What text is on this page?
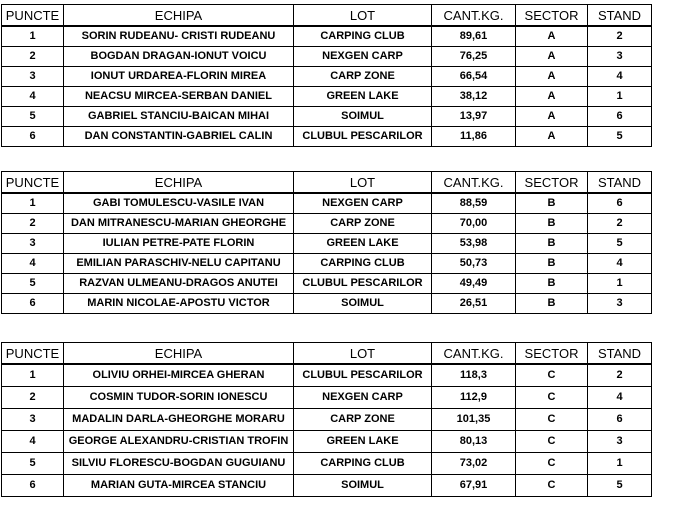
PUNCTE	ECHIPA	LOT	CANT.KG.	SECTOR	STAND
1	SORIN RUDEANU- CRISTI RUDEANU	CARPING CLUB	89,61	A	2
2	BOGDAN DRAGAN-IONUT VOICU	NEXGEN CARP	76,25	A	3
3	IONUT URDAREA-FLORIN MIREA	CARP ZONE	66,54	A	4
4	NEACSU MIRCEA-SERBAN DANIEL	GREEN LAKE	38,12	A	1
5	GABRIEL STANCIU-BAICAN MIHAI	SOIMUL	13,97	A	6
6	DAN CONSTANTIN-GABRIEL CALIN	CLUBUL PESCARILOR	11,86	A	5
PUNCTE	ECHIPA	LOT	CANT.KG.	SECTOR	STAND
1	GABI TOMULESCU-VASILE IVAN	NEXGEN CARP	88,59	B	6
2	DAN MITRANESCU-MARIAN GHEORGHE	CARP ZONE	70,00	B	2
3	IULIAN PETRE-PATE FLORIN	GREEN LAKE	53,98	B	5
4	EMILIAN PARASCHIV-NELU CAPITANU	CARPING CLUB	50,73	B	4
5	RAZVAN ULMEANU-DRAGOS ANUTEI	CLUBUL PESCARILOR	49,49	B	1
6	MARIN NICOLAE-APOSTU VICTOR	SOIMUL	26,51	B	3
PUNCTE	ECHIPA	LOT	CANT.KG.	SECTOR	STAND
1	OLIVIU ORHEI-MIRCEA GHERAN	CLUBUL PESCARILOR	118,3	C	2
2	COSMIN TUDOR-SORIN IONESCU	NEXGEN CARP	112,9	C	4
3	MADALIN DARLA-GHEORGHE MORARU	CARP ZONE	101,35	C	6
4	GEORGE ALEXANDRU-CRISTIAN TROFIN	GREEN LAKE	80,13	C	3
5	SILVIU FLORESCU-BOGDAN GUGUIANU	CARPING CLUB	73,02	C	1
6	MARIAN GUTA-MIRCEA STANCIU	SOIMUL	67,91	C	5
